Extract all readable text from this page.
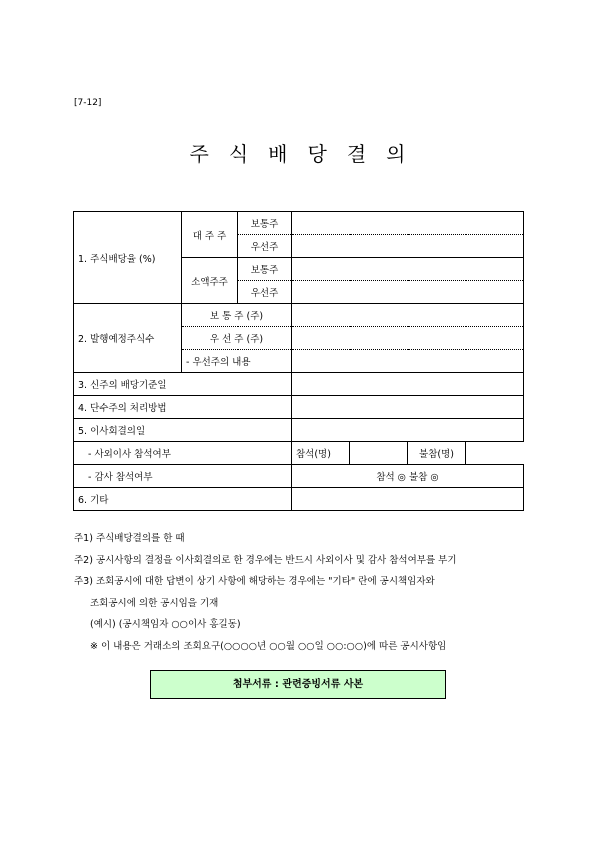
[7-12]
주 식 배 당 결 의
1. 주식배당율 (%)	대 주 주	보통주				
		우선주				
	소액주주	보통주				
		우선주				
2. 발행예정주식수	보 통 주 (주)					
	우 선 주 (주)					
	- 우선주의 내용					
3. 신주의 배당기준일						
4. 단수주의 처리방법						
5. 이사회결의일						
- 사외이사 참석여부			참석(명)		불참(명)	
- 감사 참석여부			참석 ◎ 불참 ◎			
6. 기타						
주1) 주식배당결의를 한 때
주2) 공시사항의 결정을 이사회결의로 한 경우에는 반드시 사외이사 및 감사 참석여부를 부기
주3) 조회공시에 대한 답변이 상기 사항에 해당하는 경우에는 "기타" 란에 공시책임자와
조회공시에 의한 공시임을 기재
(예시) (공시책임자 ○○이사 홍길동)
※ 이 내용은 거래소의 조회요구(○○○○년 ○○월 ○○일 ○○:○○)에 따른 공시사항임
첨부서류 : 관련증빙서류 사본
